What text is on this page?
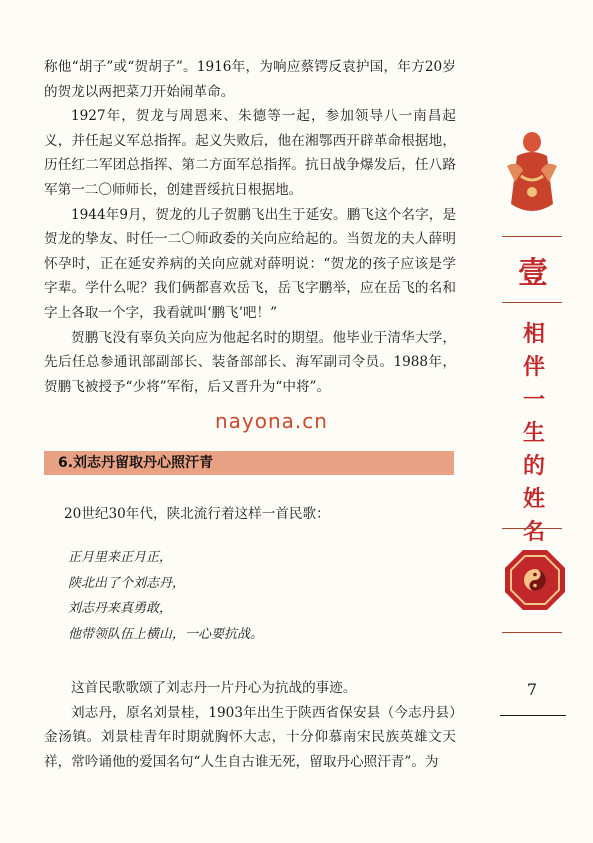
称他“胡子”或“贺胡子”。1916年，为响应蔡锷反袁护国，年方20岁的贺龙以两把菜刀开始闹革命。

1927年，贺龙与周恩来、朱德等一起，参加领导八一南昌起义，并任起义军总指挥。起义失败后，他在湘鄂西开辟革命根据地，历任红二军团总指挥、第二方面军总指挥。抗日战争爆发后，任八路军第一二〇师师长，创建晋绥抗日根据地。

1944年9月，贺龙的儿子贺鹏飞出生于延安。鹏飞这个名字，是贺龙的挚友、时任一二〇师政委的关向应给起的。当贺龙的夫人薛明怀孕时，正在延安养病的关向应就对薛明说：“贺龙的孩子应该是学字辈。学什么呢？我们俩都喜欢岳飞，岳飞字鹏举，应在岳飞的名和字上各取一个字，我看就叫‘鹏飞’吧！”

贺鹏飞没有辜负关向应为他起名时的期望。他毕业于清华大学，先后任总参通讯部副部长、装备部部长、海军副司令员。1988年，贺鹏飞被授予“少将”军衔，后又晋升为“中将”。

nayona.cn
6.刘志丹留取丹心照汗青
20世纪30年代，陕北流行着这样一首民歌：

正月里来正月正，

陕北出了个刘志丹，

刘志丹来真勇敢，

他带领队伍上横山，一心要抗战。

这首民歌歌颂了刘志丹一片丹心为抗战的事迹。

刘志丹，原名刘景桂，1903年出生于陕西省保安县（今志丹县）金汤镇。刘景桂青年时期就胸怀大志，十分仰慕南宋民族英雄文天祥，常吟诵他的爱国名句“人生自古谁无死，留取丹心照汗青”。为

壹
相
伴
一
生
的
姓
名
7
